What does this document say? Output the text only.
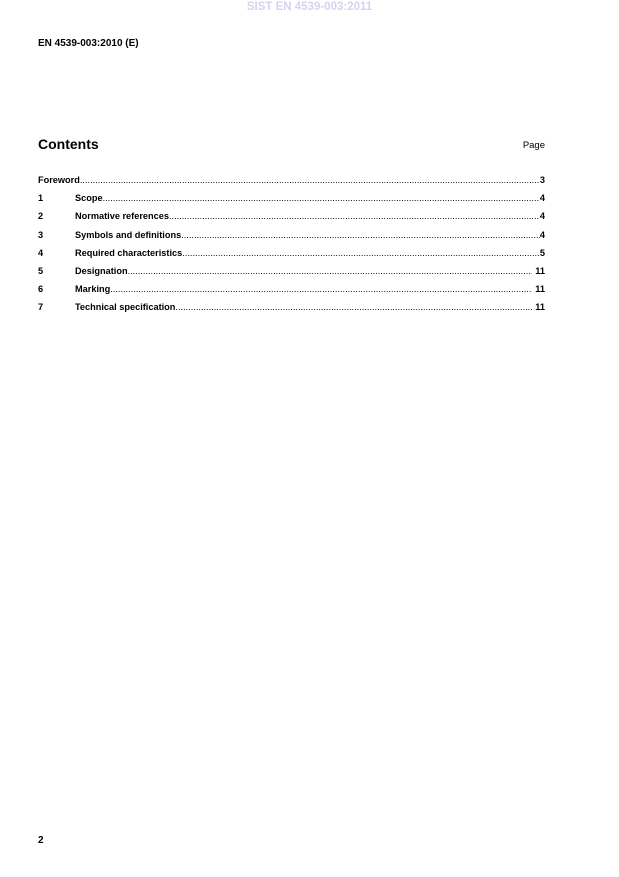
SIST EN 4539-003:2011
EN 4539-003:2010 (E)
Contents	Page
Foreword .....	3
1	Scope .....	4
2	Normative references .....	4
3	Symbols and definitions .....	4
4	Required characteristics .....	5
5	Designation .....	11
6	Marking .....	11
7	Technical specification .....	11
2
